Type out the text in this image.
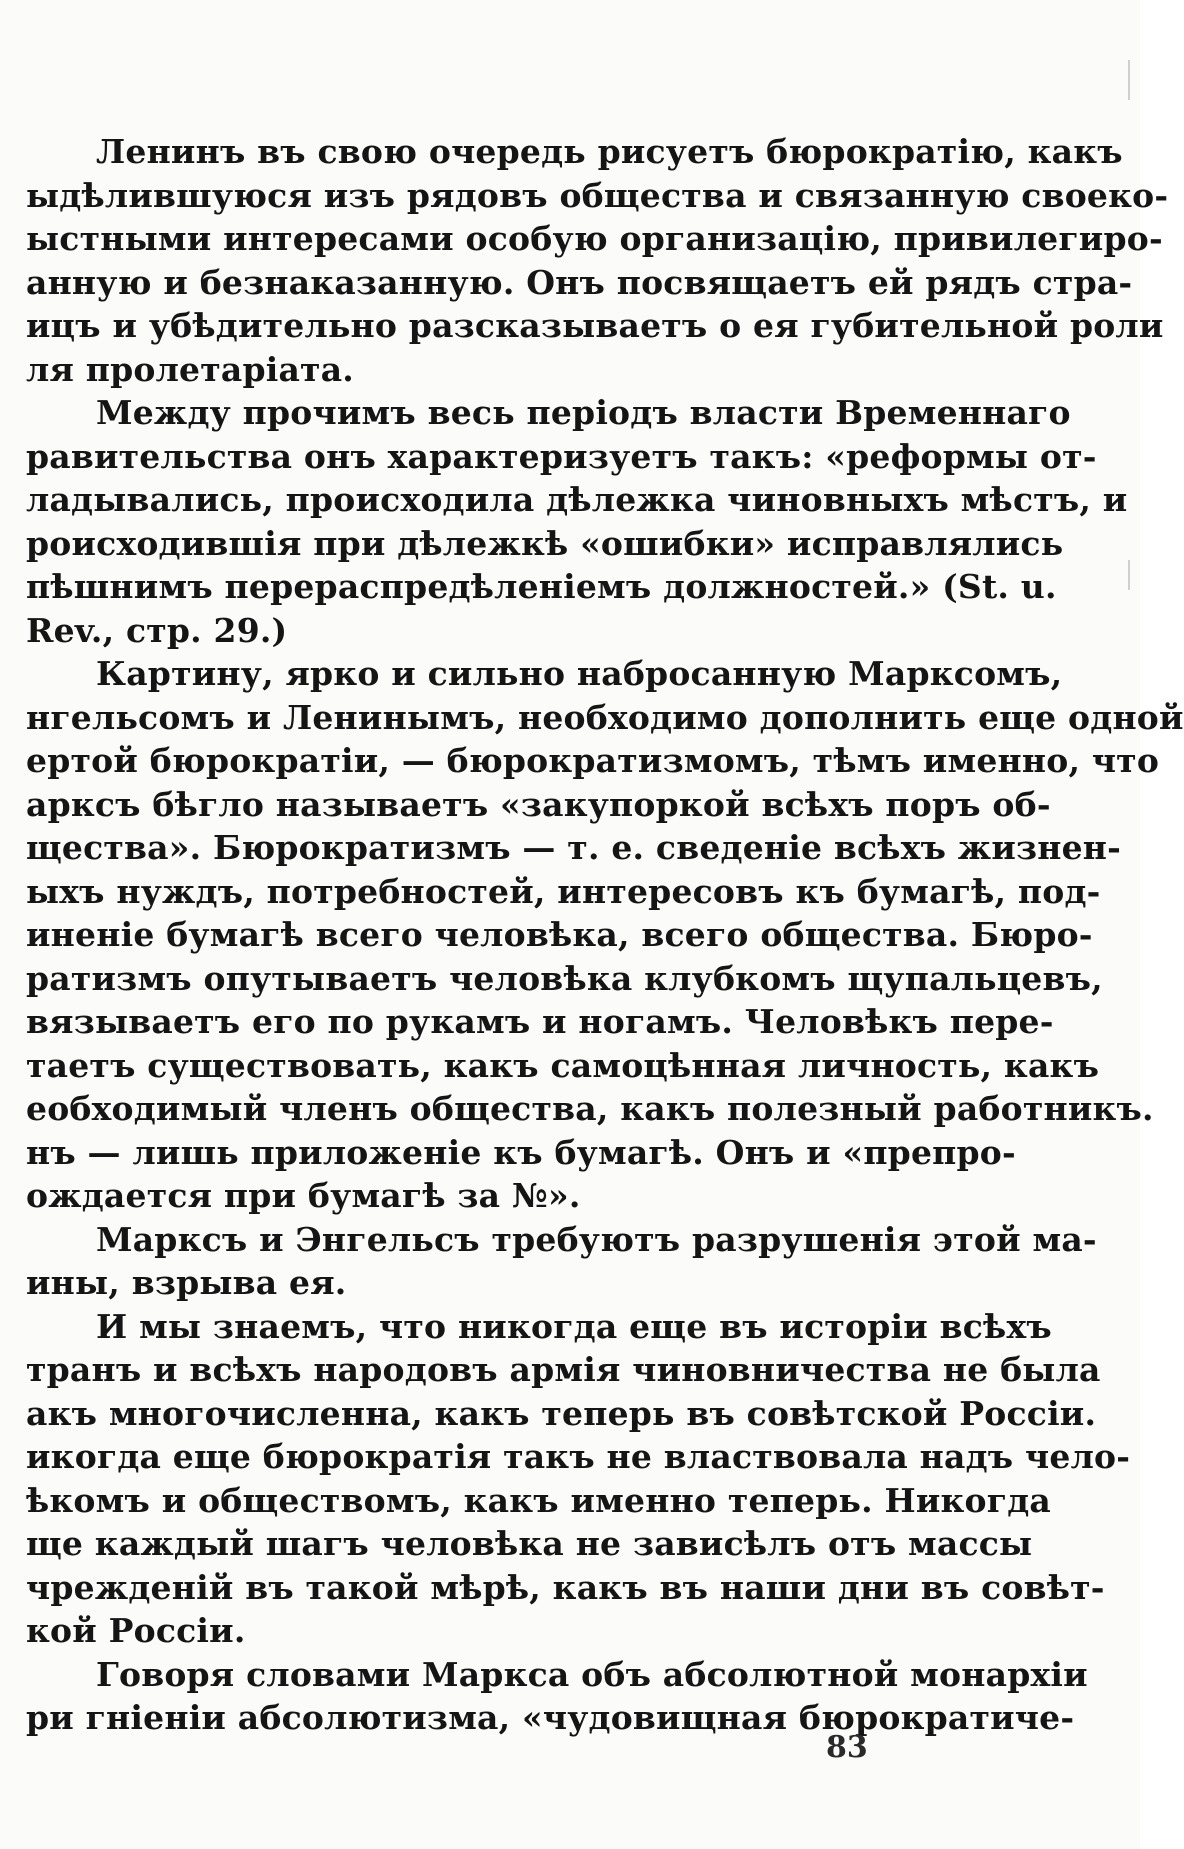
Ленинъ въ свою очередь рисуетъ бюрократію, какъ
ыдѣлившуюся изъ рядовъ общества и связанную своеко-
ыстными интересами особую организацію, привилегиро-
анную и безнаказанную. Онъ посвящаетъ ей рядъ стра-
ицъ и убѣдительно разсказываетъ о ея губительной роли
ля пролетаріата.
Между прочимъ весь періодъ власти Временнаго
равительства онъ характеризуетъ такъ: «реформы от-
ладывались, происходила дѣлежка чиновныхъ мѣстъ, и
роисходившія при дѣлежкѣ «ошибки» исправлялись
пѣшнимъ перераспредѣленіемъ должностей.» (St. u.
Rev., стр. 29.)
Картину, ярко и сильно набросанную Марксомъ,
нгельсомъ и Ленинымъ, необходимо дополнить еще одной
ертой бюрократіи, — бюрократизмомъ, тѣмъ именно, что
арксъ бѣгло называетъ «закупоркой всѣхъ поръ об-
щества». Бюрократизмъ — т. е. сведеніе всѣхъ жизнен-
ыхъ нуждъ, потребностей, интересовъ къ бумагѣ, под-
иненіе бумагѣ всего человѣка, всего общества. Бюро-
ратизмъ опутываетъ человѣка клубкомъ щупальцевъ,
вязываетъ его по рукамъ и ногамъ. Человѣкъ пере-
таетъ существовать, какъ самоцѣнная личность, какъ
еобходимый членъ общества, какъ полезный работникъ.
нъ — лишь приложеніе къ бумагѣ. Онъ и «препро-
ождается при бумагѣ за №».
Марксъ и Энгельсъ требуютъ разрушенія этой ма-
ины, взрыва ея.
И мы знаемъ, что никогда еще въ исторіи всѣхъ
транъ и всѣхъ народовъ армія чиновничества не была
акъ многочисленна, какъ теперь въ совѣтской Россіи.
икогда еще бюрократія такъ не властвовала надъ чело-
ѣкомъ и обществомъ, какъ именно теперь. Никогда
ще каждый шагъ человѣка не зависѣлъ отъ массы
чрежденій въ такой мѣрѣ, какъ въ наши дни въ совѣт-
кой Россіи.
Говоря словами Маркса объ абсолютной монархіи
ри гніеніи абсолютизма, «чудовищная бюрократиче-
83
